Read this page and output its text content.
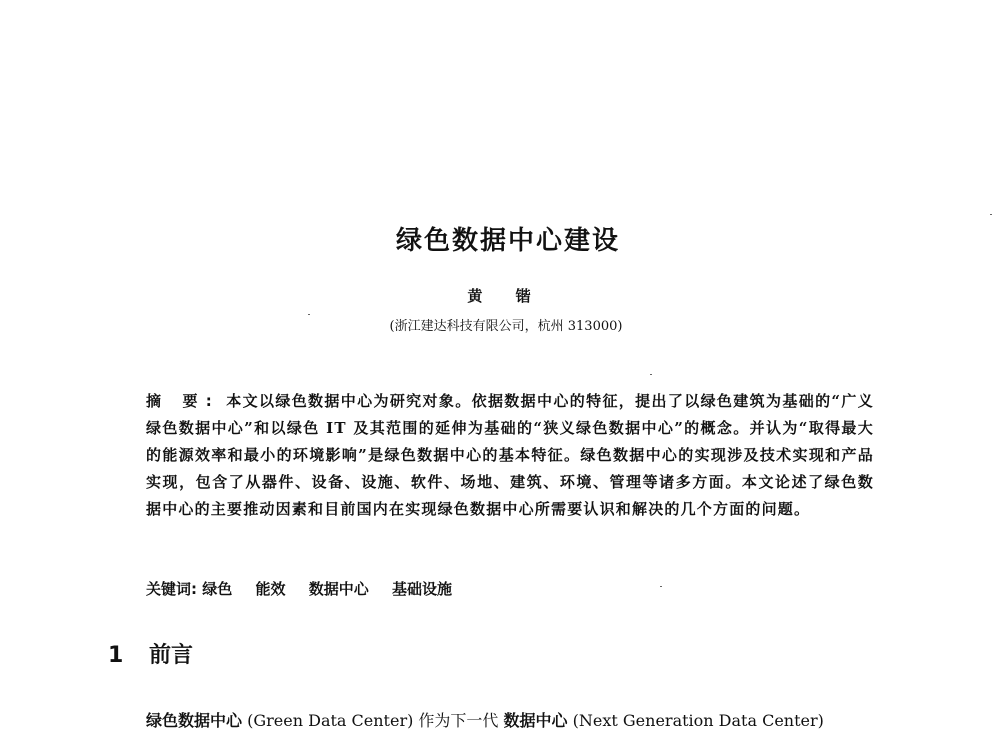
绿色数据中心建设
黄 锴
(浙江建达科技有限公司，杭州 313000)
摘 要: 本文以绿色数据中心为研究对象。依据数据中心的特征，提出了以绿色建筑为基础的“广义绿色数据中心”和以绿色 IT 及其范围的延伸为基础的“狭义绿色数据中心”的概念。并认为“取得最大的能源效率和最小的环境影响”是绿色数据中心的基本特征。绿色数据中心的实现涉及技术实现和产品实现，包含了从器件、设备、设施、软件、场地、建筑、环境、管理等诸多方面。本文论述了绿色数据中心的主要推动因素和目前国内在实现绿色数据中心所需要认识和解决的几个方面的问题。
关键词: 绿色 能效 数据中心 基础设施
1 前言
绿色数据中心 (Green Data Center) 作为下一代 数据中心 (Next Generation Data Center)
